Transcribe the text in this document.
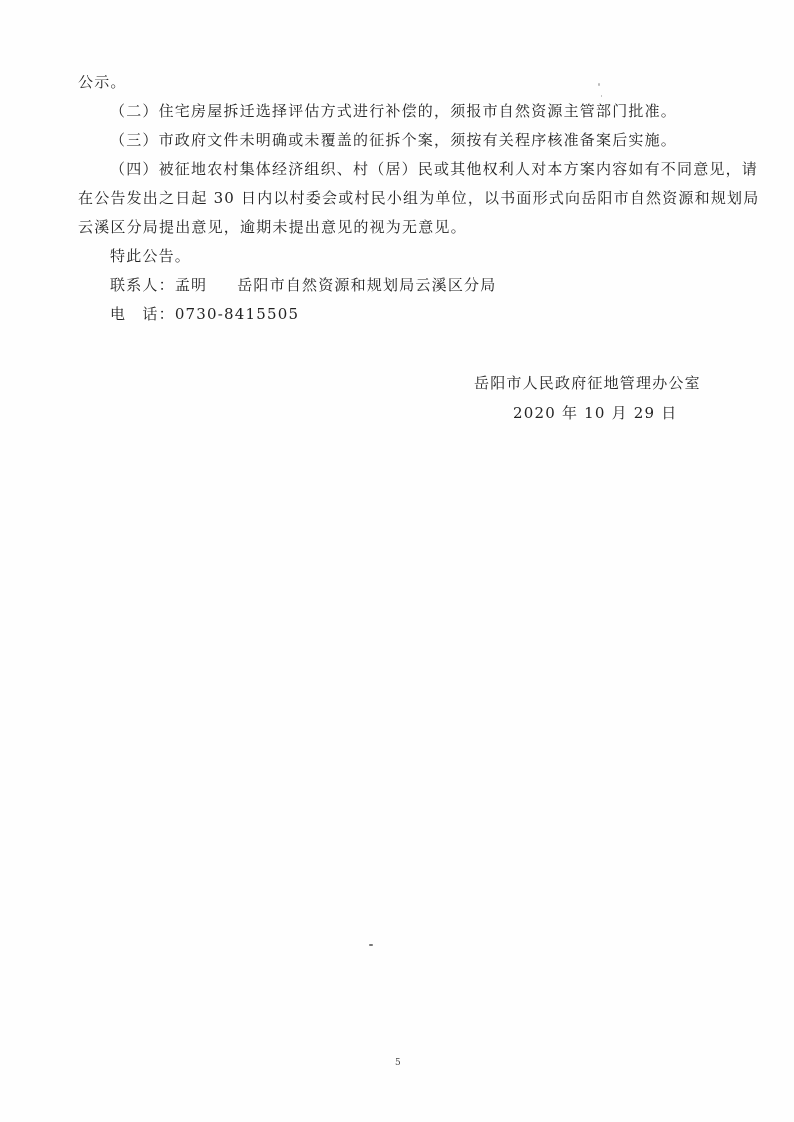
公示。
（二）住宅房屋拆迁选择评估方式进行补偿的，须报市自然资源主管部门批准。
（三）市政府文件未明确或未覆盖的征拆个案，须按有关程序核准备案后实施。
（四）被征地农村集体经济组织、村（居）民或其他权利人对本方案内容如有不同意见，请
在公告发出之日起 30 日内以村委会或村民小组为单位，以书面形式向岳阳市自然资源和规划局
云溪区分局提出意见，逾期未提出意见的视为无意见。
特此公告。
联系人：孟明 岳阳市自然资源和规划局云溪区分局
电　话：0730-8415505
岳阳市人民政府征地管理办公室
2020 年 10 月 29 日
5
